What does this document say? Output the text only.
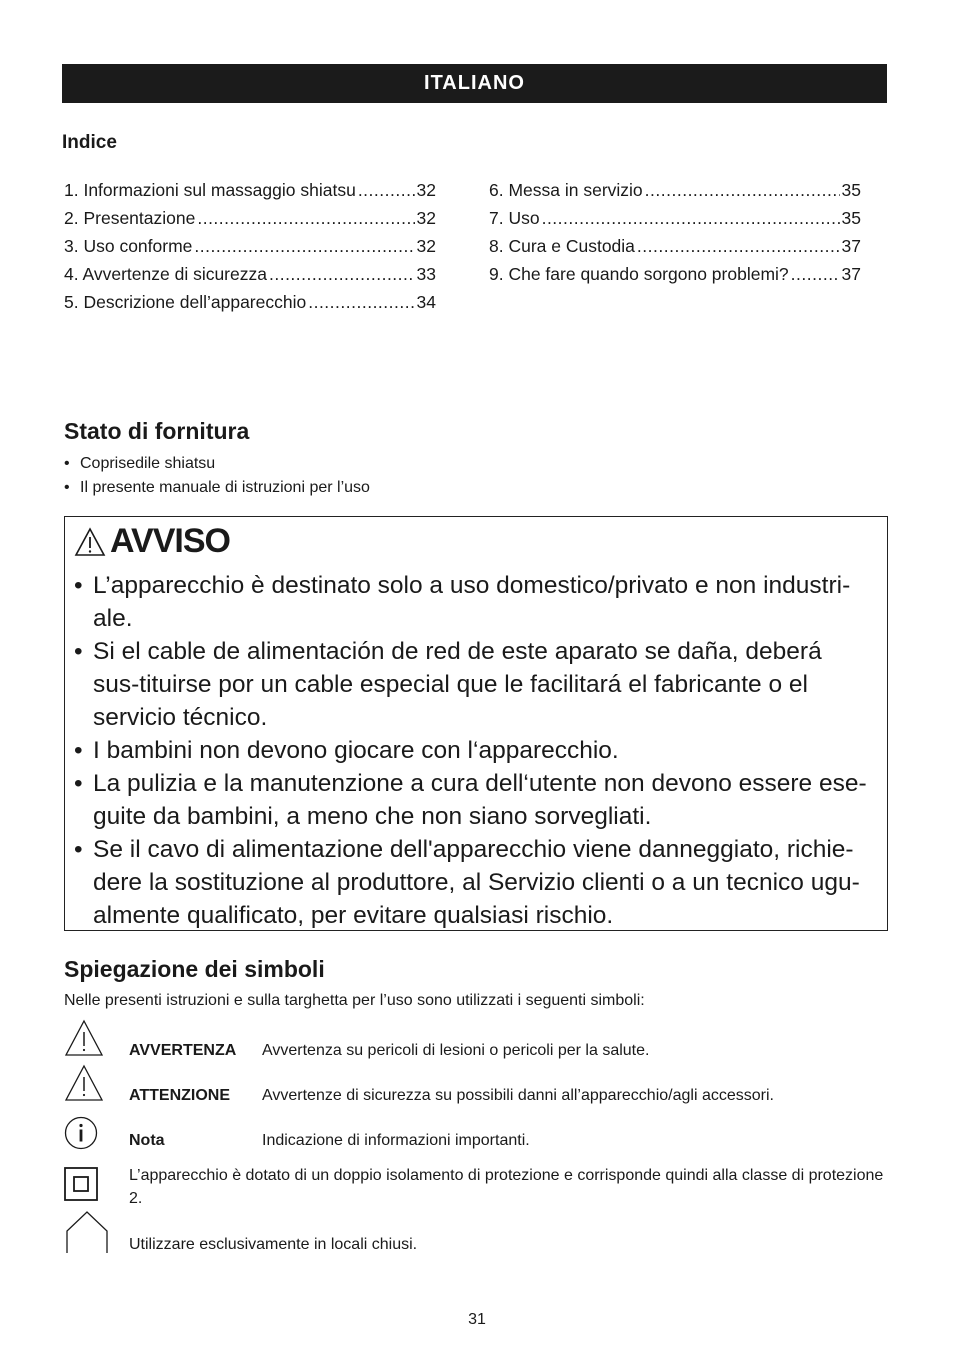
ITALIANO
Indice
1. Informazioni sul massaggio shiatsu .....	32
2. Presentazione .....	32
3. Uso conforme .....	32
4. Avvertenze di sicurezza .....	33
5. Descrizione dell’apparecchio .....	34
6. Messa in servizio .....	35
7. Uso .....	35
8. Cura e Custodia .....	37
9. Che fare quando sorgono problemi? .....	37
Stato di fornitura
• Coprisedile shiatsu
• Il presente manuale di istruzioni per l’uso
AVVISO
• L’apparecchio è destinato solo a uso domestico/privato e non industri-ale.
• Si el cable de alimentación de red de este aparato se daña, deberá sus-tituirse por un cable especial que le facilitará el fabricante o el servicio técnico.
• I bambini non devono giocare con l‘apparecchio.
• La pulizia e la manutenzione a cura dell‘utente non devono essere ese-guite da bambini, a meno che non siano sorvegliati.
• Se il cavo di alimentazione dell'apparecchio viene danneggiato, richie-dere la sostituzione al produttore, al Servizio clienti o a un tecnico ugu-almente qualificato, per evitare qualsiasi rischio.
Spiegazione dei simboli
Nelle presenti istruzioni e sulla targhetta per l’uso sono utilizzati i seguenti simboli:
AVVERTENZA Avvertenza su pericoli di lesioni o pericoli per la salute.
ATTENZIONE Avvertenze di sicurezza su possibili danni all’apparecchio/agli accessori.
Nota	Indicazione di informazioni importanti.
L’apparecchio è dotato di un doppio isolamento di protezione e corrisponde quindi alla classe di protezione 2.
Utilizzare esclusivamente in locali chiusi.
31
